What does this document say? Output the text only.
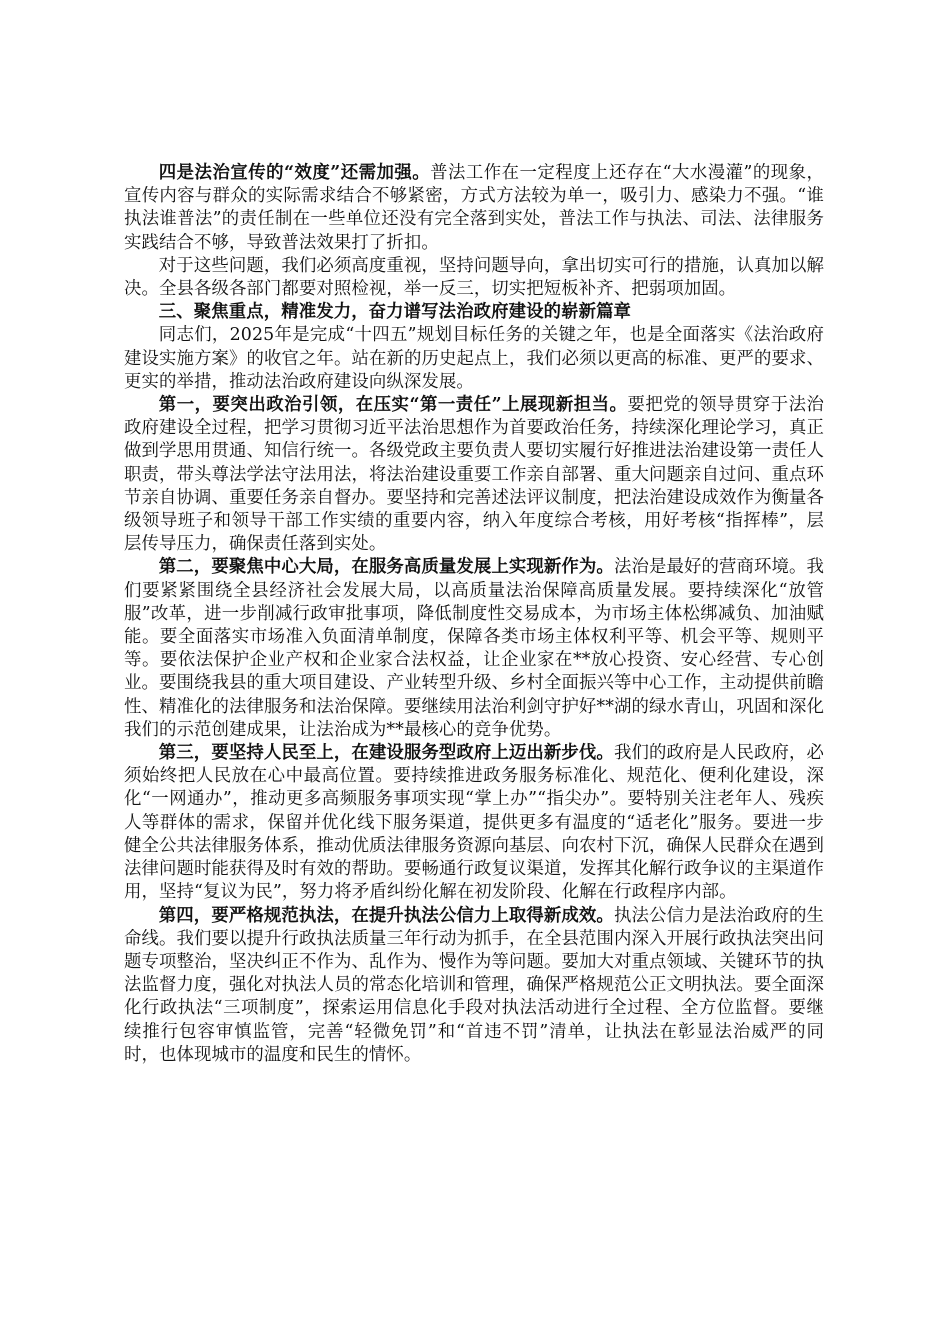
四是法治宣传的“效度”还需加强。普法工作在一定程度上还存在“大水漫灌”的现象，宣传内容与群众的实际需求结合不够紧密，方式方法较为单一，吸引力、感染力不强。“谁执法谁普法”的责任制在一些单位还没有完全落到实处，普法工作与执法、司法、法律服务实践结合不够，导致普法效果打了折扣。

对于这些问题，我们必须高度重视，坚持问题导向，拿出切实可行的措施，认真加以解决。全县各级各部门都要对照检视，举一反三，切实把短板补齐、把弱项加固。

三、聚焦重点，精准发力，奋力谱写法治政府建设的崭新篇章

同志们，2025年是完成“十四五”规划目标任务的关键之年，也是全面落实《法治政府建设实施方案》的收官之年。站在新的历史起点上，我们必须以更高的标准、更严的要求、更实的举措，推动法治政府建设向纵深发展。

第一，要突出政治引领，在压实“第一责任”上展现新担当。要把党的领导贯穿于法治政府建设全过程，把学习贯彻习近平法治思想作为首要政治任务，持续深化理论学习，真正做到学思用贯通、知信行统一。各级党政主要负责人要切实履行好推进法治建设第一责任人职责，带头尊法学法守法用法，将法治建设重要工作亲自部署、重大问题亲自过问、重点环节亲自协调、重要任务亲自督办。要坚持和完善述法评议制度，把法治建设成效作为衡量各级领导班子和领导干部工作实绩的重要内容，纳入年度综合考核，用好考核“指挥棒”，层层传导压力，确保责任落到实处。

第二，要聚焦中心大局，在服务高质量发展上实现新作为。法治是最好的营商环境。我们要紧紧围绕全县经济社会发展大局，以高质量法治保障高质量发展。要持续深化“放管服”改革，进一步削减行政审批事项，降低制度性交易成本，为市场主体松绑减负、加油赋能。要全面落实市场准入负面清单制度，保障各类市场主体权利平等、机会平等、规则平等。要依法保护企业产权和企业家合法权益，让企业家在**放心投资、安心经营、专心创业。要围绕我县的重大项目建设、产业转型升级、乡村全面振兴等中心工作，主动提供前瞻性、精准化的法律服务和法治保障。要继续用法治利剑守护好**湖的绿水青山，巩固和深化我们的示范创建成果，让法治成为**最核心的竞争优势。

第三，要坚持人民至上，在建设服务型政府上迈出新步伐。我们的政府是人民政府，必须始终把人民放在心中最高位置。要持续推进政务服务标准化、规范化、便利化建设，深化“一网通办”，推动更多高频服务事项实现“掌上办”“指尖办”。要特别关注老年人、残疾人等群体的需求，保留并优化线下服务渠道，提供更多有温度的“适老化”服务。要进一步健全公共法律服务体系，推动优质法律服务资源向基层、向农村下沉，确保人民群众在遇到法律问题时能获得及时有效的帮助。要畅通行政复议渠道，发挥其化解行政争议的主渠道作用，坚持“复议为民”，努力将矛盾纠纷化解在初发阶段、化解在行政程序内部。

第四，要严格规范执法，在提升执法公信力上取得新成效。执法公信力是法治政府的生命线。我们要以提升行政执法质量三年行动为抓手，在全县范围内深入开展行政执法突出问题专项整治，坚决纠正不作为、乱作为、慢作为等问题。要加大对重点领域、关键环节的执法监督力度，强化对执法人员的常态化培训和管理，确保严格规范公正文明执法。要全面深化行政执法“三项制度”，探索运用信息化手段对执法活动进行全过程、全方位监督。要继续推行包容审慎监管，完善“轻微免罚”和“首违不罚”清单，让执法在彰显法治威严的同时，也体现城市的温度和民生的情怀。
